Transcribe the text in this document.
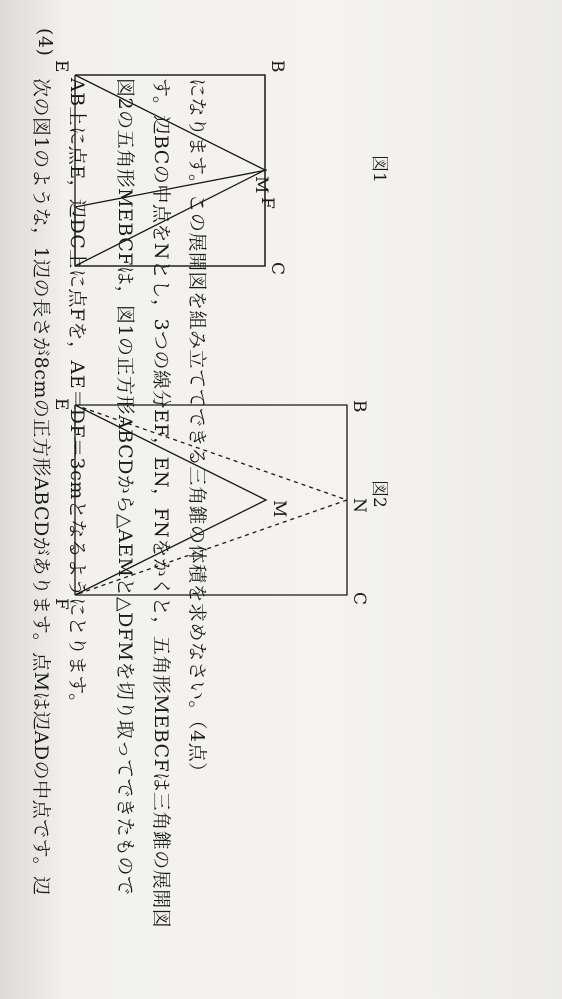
(4)
次の図1のような，1辺の長さが8cmの正方形ABCDがあります。点Mは辺ADの中点です。辺 AB上に点E，辺DC上に点Fを，AE＝DF＝3cmとなるようにとります。 図2の五角形MEBCFは，図1の正方形ABCDから△AEMと△DFMを切り取ってできたもので す。辺BCの中点をNとし，3つの線分EF，EN，FNをかくと，五角形MEBCFは三角錐の展開図 になります。この展開図を組み立ててできる三角錐の体積を求めなさい。（4点）
E
M
F
B
C
E
M
F
B
N
C
図1
図2
